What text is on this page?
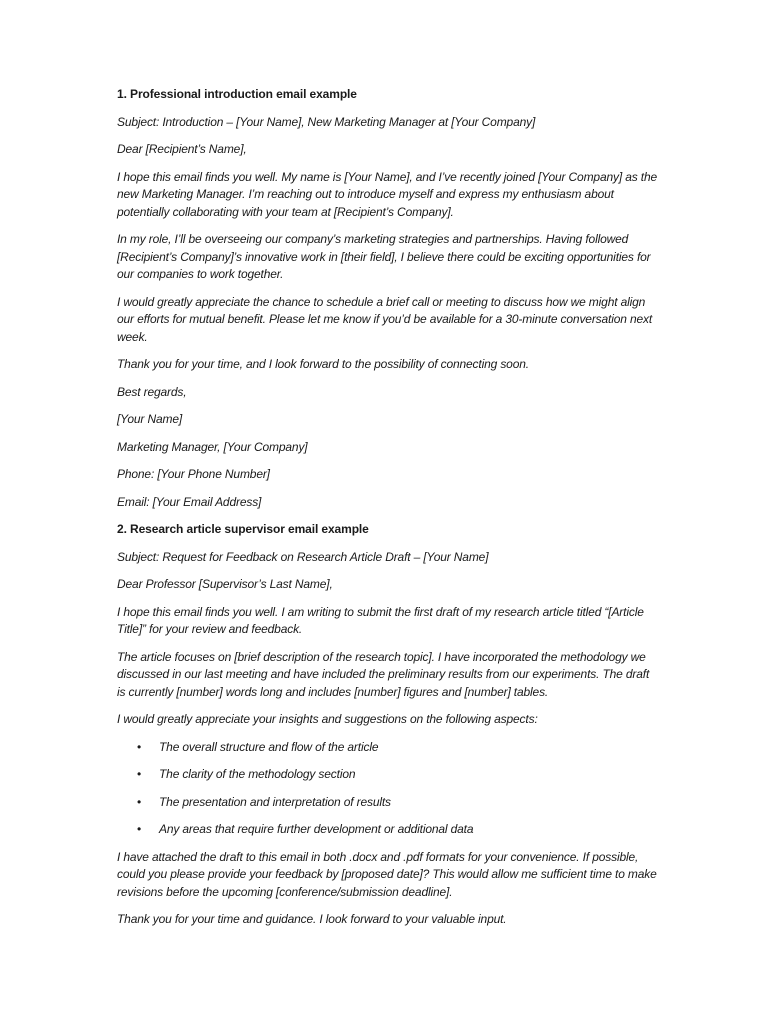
1. Professional introduction email example
Subject: Introduction – [Your Name], New Marketing Manager at [Your Company]
Dear [Recipient’s Name],
I hope this email finds you well. My name is [Your Name], and I’ve recently joined [Your Company] as the new Marketing Manager. I’m reaching out to introduce myself and express my enthusiasm about potentially collaborating with your team at [Recipient’s Company].
In my role, I’ll be overseeing our company’s marketing strategies and partnerships. Having followed [Recipient’s Company]’s innovative work in [their field], I believe there could be exciting opportunities for our companies to work together.
I would greatly appreciate the chance to schedule a brief call or meeting to discuss how we might align our efforts for mutual benefit. Please let me know if you’d be available for a 30-minute conversation next week.
Thank you for your time, and I look forward to the possibility of connecting soon.
Best regards,
[Your Name]
Marketing Manager, [Your Company]
Phone: [Your Phone Number]
Email: [Your Email Address]
2. Research article supervisor email example
Subject: Request for Feedback on Research Article Draft – [Your Name]
Dear Professor [Supervisor’s Last Name],
I hope this email finds you well. I am writing to submit the first draft of my research article titled “[Article Title]” for your review and feedback.
The article focuses on [brief description of the research topic]. I have incorporated the methodology we discussed in our last meeting and have included the preliminary results from our experiments. The draft is currently [number] words long and includes [number] figures and [number] tables.
I would greatly appreciate your insights and suggestions on the following aspects:
• The overall structure and flow of the article
• The clarity of the methodology section
• The presentation and interpretation of results
• Any areas that require further development or additional data
I have attached the draft to this email in both .docx and .pdf formats for your convenience. If possible, could you please provide your feedback by [proposed date]? This would allow me sufficient time to make revisions before the upcoming [conference/submission deadline].
Thank you for your time and guidance. I look forward to your valuable input.
